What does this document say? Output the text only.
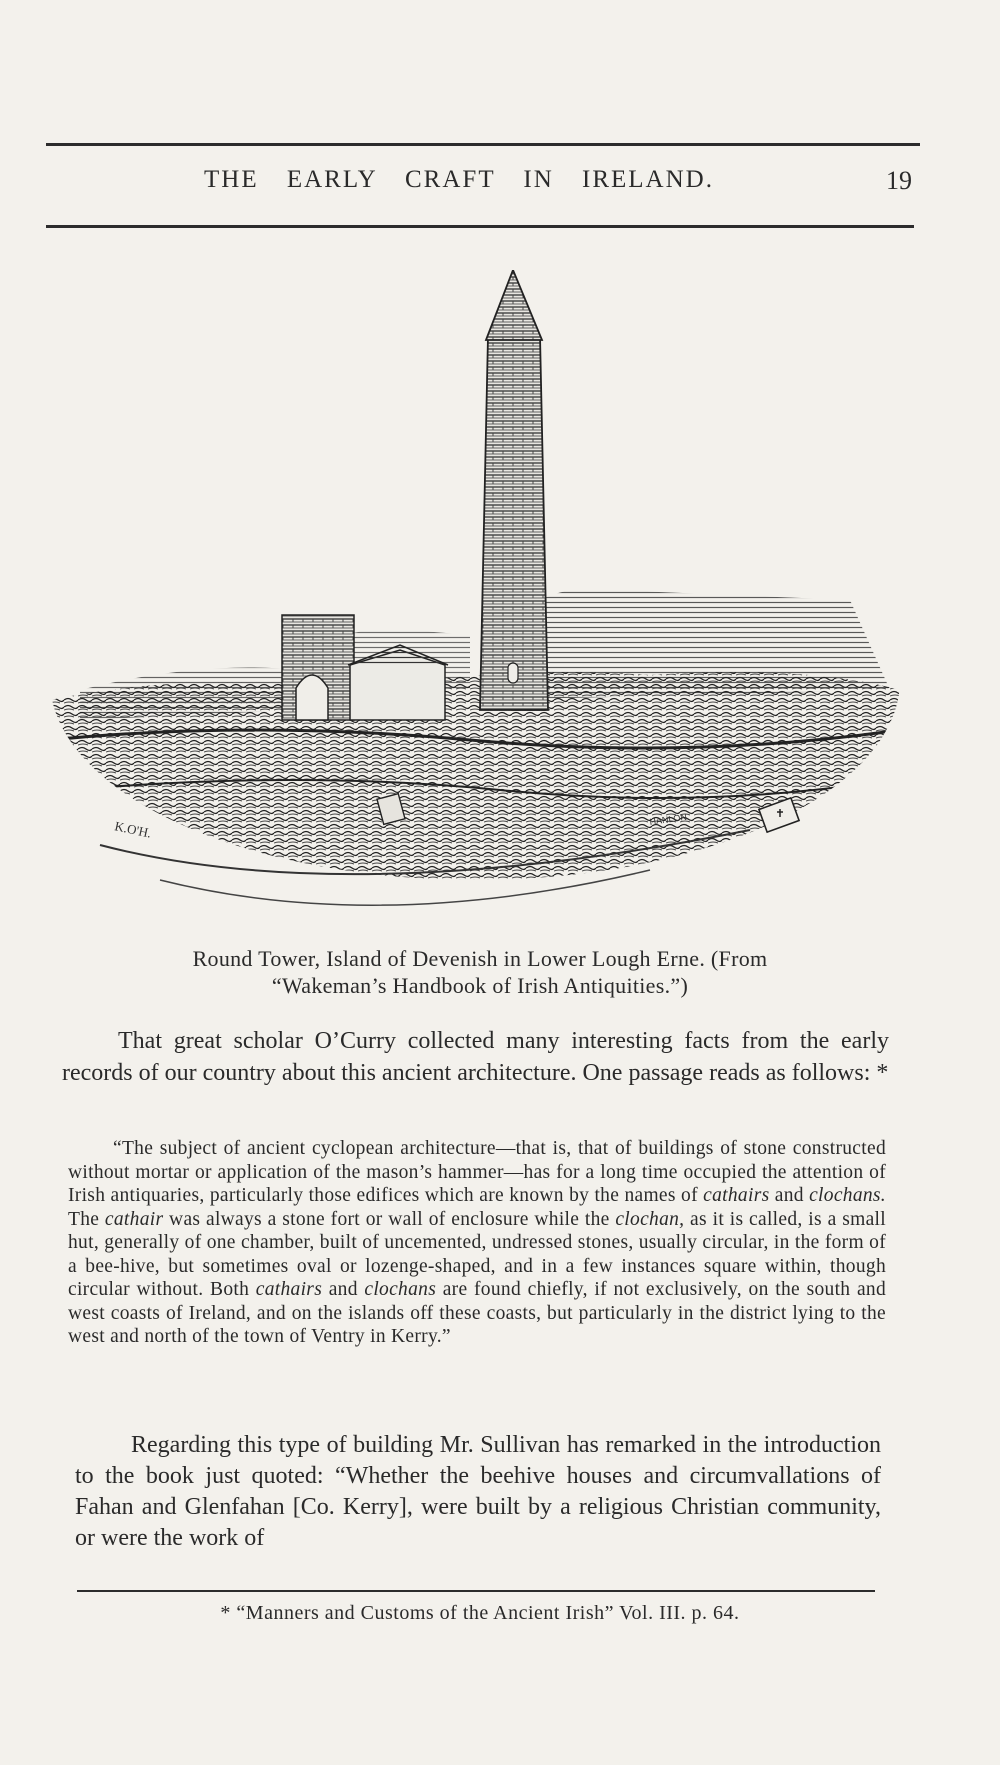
THE EARLY CRAFT IN IRELAND.	19
K.O'H.	HANLON
Round Tower, Island of Devenish in Lower Lough Erne. (From
“Wakeman’s Handbook of Irish Antiquities.”)
That great scholar O’Curry collected many interesting facts from the early records of our country about this ancient architecture. One passage reads as follows: *
“The subject of ancient cyclopean architecture—that is, that of buildings of stone constructed without mortar or application of the mason’s hammer—has for a long time occupied the attention of Irish antiquaries, particularly those edifices which are known by the names of cathairs and clochans. The cathair was always a stone fort or wall of enclosure while the clochan, as it is called, is a small hut, generally of one chamber, built of uncemented, undressed stones, usually circular, in the form of a bee-hive, but sometimes oval or lozenge-shaped, and in a few instances square within, though circular without. Both cathairs and clochans are found chiefly, if not exclusively, on the south and west coasts of Ireland, and on the islands off these coasts, but particularly in the district lying to the west and north of the town of Ventry in Kerry.”
Regarding this type of building Mr. Sullivan has remarked in the introduction to the book just quoted: “Whether the beehive houses and circumvallations of Fahan and Glenfahan [Co. Kerry], were built by a religious Christian community, or were the work of
* “Manners and Customs of the Ancient Irish” Vol. III. p. 64.
